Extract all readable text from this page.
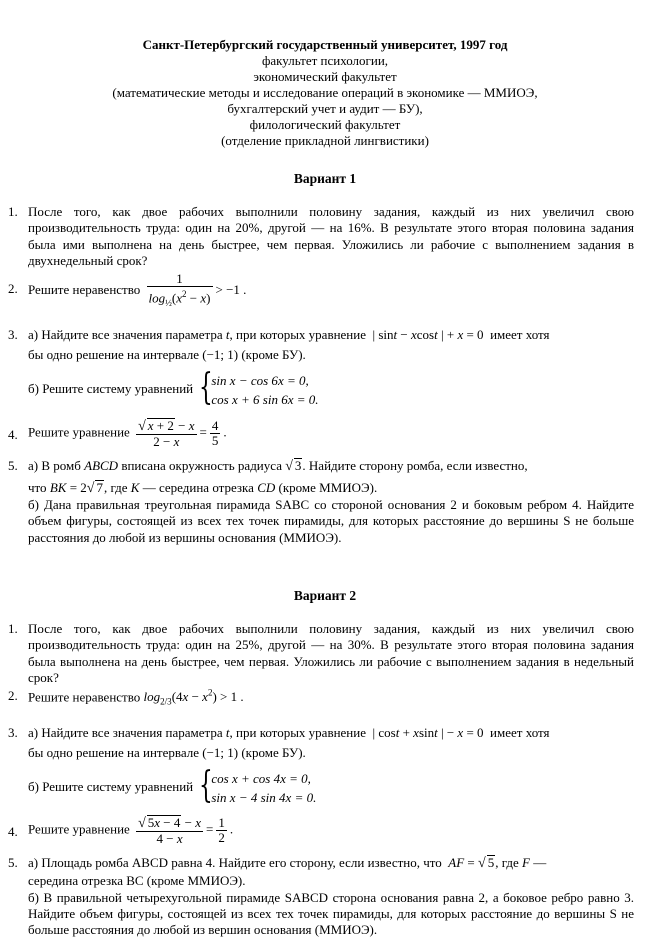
Санкт-Петербургский государственный университет, 1997 год
факультет психологии,
экономический факультет
(математические методы и исследование операций в экономике — ММИОЭ,
бухгалтерский учет и аудит — БУ),
филологический факультет
(отделение прикладной лингвистики)
Вариант 1
1. После того, как двое рабочих выполнили половину задания, каждый из них увеличил свою производительность труда: один на 20%, другой — на 16%. В результате этого вторая половина задания была ими выполнена на день быстрее, чем первая. Уложились ли рабочие с выполнением задания в двухнедельный срок?
2. Решите неравенство $\frac{1}{\log_{\frac{1}{2}}(x^2 - x)} > -1$ .
3. а) Найдите все значения параметра t, при которых уравнение | sint − xcost | + x = 0 имеет хотя
бы одно решение на интервале (−1; 1) (кроме БУ).
б) Решите систему уравнений {
sin x − cos 6x = 0,
cos x + 6 sin 6x = 0.
4. Решите уравнение $\frac{√ x + 2 - x}{2 - x} = \frac{4}{5}$ .
5. а) В ромб ABCD вписана окружность радиуса √ 3. Найдите сторону ромба, если известно,
что BK = 2√ 7, где K — середина отрезка CD (кроме ММИОЭ).
б) Дана правильная треугольная пирамида SABC со стороной основания 2 и боковым ребром 4. Найдите объем фигуры, состоящей из всех тех точек пирамиды, для которых расстояние до вершины S не больше расстояния до любой из вершины основания (ММИОЭ).
Вариант 2
1. После того, как двое рабочих выполнили половину задания, каждый из них увеличил свою производительность труда: один на 25%, другой — на 30%. В результате этого вторая половина задания была выполнена на день быстрее, чем первая. Уложились ли рабочие с выполнением задания в недельный срок?
2. Решите неравенство $\log_{2/3}(4x - x^2) > 1$ .
3. а) Найдите все значения параметра t, при которых уравнение | cost + xsint | − x = 0 имеет хотя
бы одно решение на интервале (−1; 1) (кроме БУ).
б) Решите систему уравнений {
cos x + cos 4x = 0,
sin x − 4 sin 4x = 0.
4. Решите уравнение $\frac{√ 5x - 4 - x}{4 - x} = \frac{1}{2}$ .
5. а) Площадь ромба ABCD равна 4. Найдите его сторону, если известно, что AF = √ 5, где F —
середина отрезка BC (кроме ММИОЭ).
б) В правильной четырехугольной пирамиде SABCD сторона основания равна 2, а боковое ребро равно 3. Найдите объем фигуры, состоящей из всех тех точек пирамиды, для которых расстояние до вершины S не больше расстояния до любой из вершин основания (ММИОЭ).
